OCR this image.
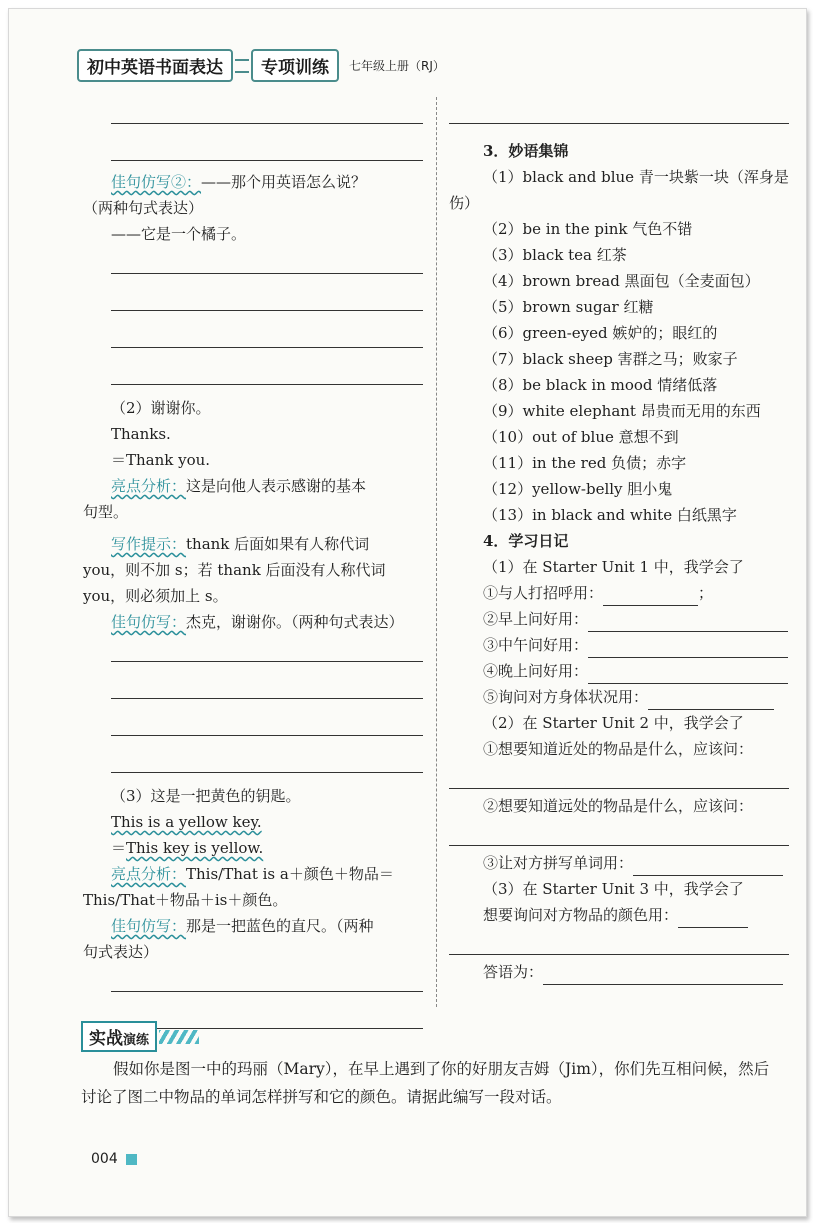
初中英语书面表达	专项训练	七年级上册（RJ）
佳句仿写②：——那个用英语怎么说？
（两种句式表达）
——它是一个橘子。
（2）谢谢你。
Thanks.
＝Thank you.
亮点分析：这是向他人表示感谢的基本
句型。
写作提示：thank 后面如果有人称代词
you，则不加 s；若 thank 后面没有人称代词
you，则必须加上 s。
佳句仿写：杰克，谢谢你。（两种句式表达）
（3）这是一把黄色的钥匙。
This is a yellow key.
＝This key is yellow.
亮点分析：This/That is a＋颜色＋物品＝
This/That＋物品＋is＋颜色。
佳句仿写：那是一把蓝色的直尺。（两种
句式表达）
3．妙语集锦
（1）black and blue 青一块紫一块（浑身是
伤）
（2）be in the pink 气色不错
（3）black tea 红茶
（4）brown bread 黑面包（全麦面包）
（5）brown sugar 红糖
（6）green-eyed 嫉妒的；眼红的
（7）black sheep 害群之马；败家子
（8）be black in mood 情绪低落
（9）white elephant 昂贵而无用的东西
（10）out of blue 意想不到
（11）in the red 负债；赤字
（12）yellow-belly 胆小鬼
（13）in black and white 白纸黑字
4．学习日记
（1）在 Starter Unit 1 中，我学会了
①与人打招呼用：	；
②早上问好用：
③中午问好用：
④晚上问好用：
⑤询问对方身体状况用：
（2）在 Starter Unit 2 中，我学会了
①想要知道近处的物品是什么，应该问：
②想要知道远处的物品是什么，应该问：
③让对方拼写单词用：
（3）在 Starter Unit 3 中，我学会了
想要询问对方物品的颜色用：
答语为：
实战演练
假如你是图一中的玛丽（Mary），在早上遇到了你的好朋友吉姆（Jim），你们先互相问候，然后讨论了图二中物品的单词怎样拼写和它的颜色。请据此编写一段对话。
004
